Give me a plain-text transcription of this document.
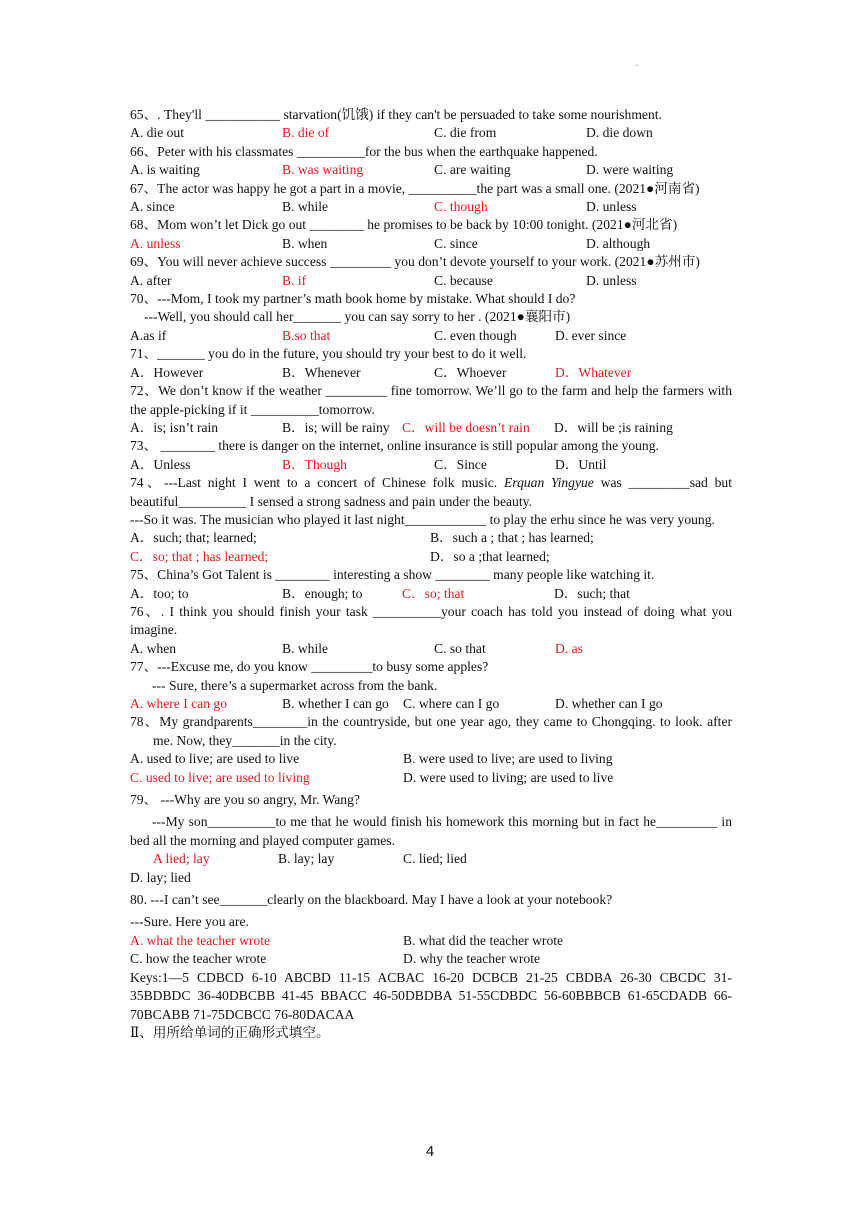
.

65、. They'll ___________ starvation(饥饿) if they can't be persuaded to take some nourishment.

A. die out	B. die of	C. die from	D. die down

66、Peter with his classmates __________for the bus when the earthquake happened.

A. is waiting	B. was waiting	C. are waiting	D. were waiting

67、The actor was happy he got a part in a movie, __________the part was a small one. (2021●河南省)

A. since	B. while	C. though	D. unless

68、Mom won’t let Dick go out ________ he promises to be back by 10:00 tonight. (2021●河北省)

A. unless	B. when	C. since	D. although

69、You will never achieve success _________ you don’t devote yourself to your work. (2021●苏州市)

A. after	B. if	C. because	D. unless

70、---Mom, I took my partner’s math book home by mistake. What should I do?

---Well, you should call her_______ you can say sorry to her . (2021●襄阳市)

A.as if	B.so that	C. even though	D. ever since

71、_______ you do in the future, you should try your best to do it well.

A．However	B．Whenever	C．Whoever	D．Whatever

72、We don’t know if the weather _________ fine tomorrow. We’ll go to the farm and help the farmers with the apple-picking if it __________tomorrow.

A．is; isn’t rain	B．is; will be rainy C．will be doesn’t rain	D．will be ;is raining

73、 ________ there is danger on the internet, online insurance is still popular among the young.

A．Unless	B．Though	C．Since	D．Until

74、---Last night I went to a concert of Chinese folk music. Erquan Yingyue was _________sad but beautiful__________ I sensed a strong sadness and pain under the beauty.

---So it was. The musician who played it last night____________ to play the erhu since he was very young.

A．such; that; learned;	B．such a ; that ; has learned;
C．so; that ; has learned;	D．so a ;that learned;

75、China’s Got Talent is ________ interesting a show ________ many people like watching it.

A．too; to	B．enough; to	C．so; that	D．such; that

76、. I think you should finish your task __________your coach has told you instead of doing what you imagine.

A. when	B. while	C. so that	D. as

77、---Excuse me, do you know _________to busy some apples?

--- Sure, there’s a supermarket across from the bank.

A. where I can go	B. whether I can go	C. where can I go	D. whether can I go

78、My grandparents________in the countryside, but one year ago, they came to Chongqing. to look. after me. Now, they_______in the city.

A. used to live; are used to live	B. were used to live; are used to living
C. used to live; are used to living	D. were used to living; are used to live

79、 ---Why are you so angry, Mr. Wang?

---My son__________to me that he would finish his homework this morning but in fact he_________ in bed all the morning and played computer games.

A lied; lay	B. lay; lay	C. lied; lied
D. lay; lied

80. ---I can’t see_______clearly on the blackboard. May I have a look at your notebook?

---Sure. Here you are.

A. what the teacher wrote	B. what did the teacher wrote
C. how the teacher wrote	D. why the teacher wrote

Keys:1—5 CDBCD 6-10 ABCBD 11-15 ACBAC 16-20 DCBCB 21-25 CBDBA 26-30 CBCDC 31-35BDBDC 36-40DBCBB 41-45 BBACC 46-50DBDBA 51-55CDBDC 56-60BBBCB 61-65CDADB 66-70BCABB 71-75DCBCC 76-80DACAA

Ⅱ、用所给单词的正确形式填空。

4
